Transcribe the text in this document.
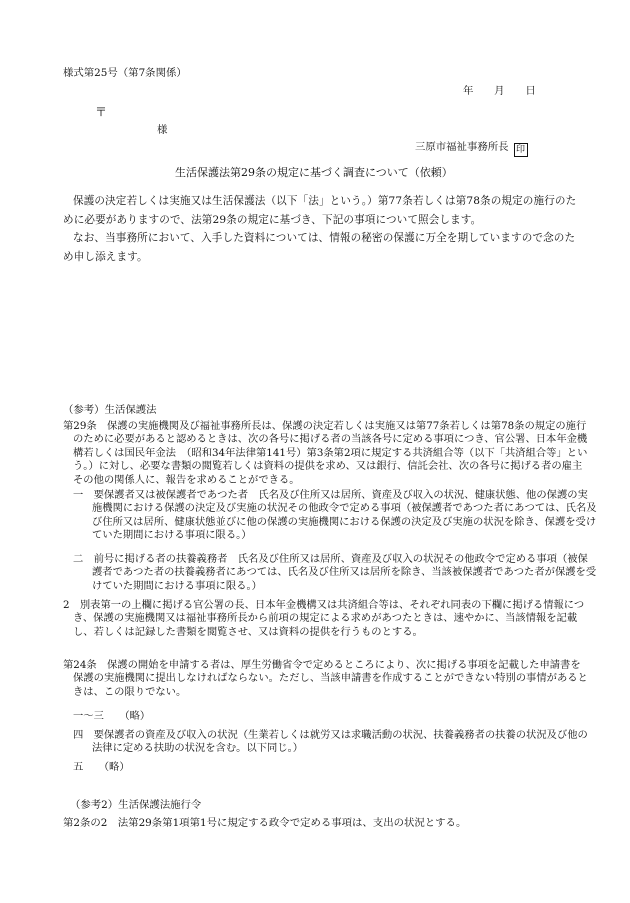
様式第25号（第7条関係）
年　　月　　日
〒
様
三原市福祉事務所長 印
生活保護法第29条の規定に基づく調査について（依頼）
保護の決定若しくは実施又は生活保護法（以下「法」という。）第77条若しくは第78条の規定の施行のために必要がありますので、法第29条の規定に基づき、下記の事項について照会します。
なお、当事務所において、入手した資料については、情報の秘密の保護に万全を期していますので念のため申し添えます。
（参考）生活保護法
第29条　保護の実施機関及び福祉事務所長は、保護の決定若しくは実施又は第77条若しくは第78条の規定の施行のために必要があると認めるときは、次の各号に掲げる者の当該各号に定める事項につき、官公署、日本年金機構若しくは国民年金法　（昭和34年法律第141号）第3条第2項に規定する共済組合等（以下「共済組合等」という。）に対し、必要な書類の閲覧若しくは資料の提供を求め、又は銀行、信託会社、次の各号に掲げる者の雇主その他の関係人に、報告を求めることができる。
一　要保護者又は被保護者であつた者　氏名及び住所又は居所、資産及び収入の状況、健康状態、他の保護の実施機関における保護の決定及び実施の状況その他政令で定める事項（被保護者であつた者にあつては、氏名及び住所又は居所、健康状態並びに他の保護の実施機関における保護の決定及び実施の状況を除き、保護を受けていた期間における事項に限る。）
二　前号に掲げる者の扶養義務者　氏名及び住所又は居所、資産及び収入の状況その他政令で定める事項（被保護者であつた者の扶養義務者にあつては、氏名及び住所又は居所を除き、当該被保護者であつた者が保護を受けていた期間における事項に限る。）
2　別表第一の上欄に掲げる官公署の長、日本年金機構又は共済組合等は、それぞれ同表の下欄に掲げる情報につき、保護の実施機関又は福祉事務所長から前項の規定による求めがあつたときは、速やかに、当該情報を記載し、若しくは記録した書類を閲覧させ、又は資料の提供を行うものとする。
第24条　保護の開始を申請する者は、厚生労働省令で定めるところにより、次に掲げる事項を記載した申請書を保護の実施機関に提出しなければならない。ただし、当該申請書を作成することができない特別の事情があるときは、この限りでない。
一～三　　（略）
四　要保護者の資産及び収入の状況（生業若しくは就労又は求職活動の状況、扶養義務者の扶養の状況及び他の法律に定める扶助の状況を含む。以下同じ。）
五　　（略）
（参考2）生活保護法施行令
第2条の2　法第29条第1項第1号に規定する政令で定める事項は、支出の状況とする。
